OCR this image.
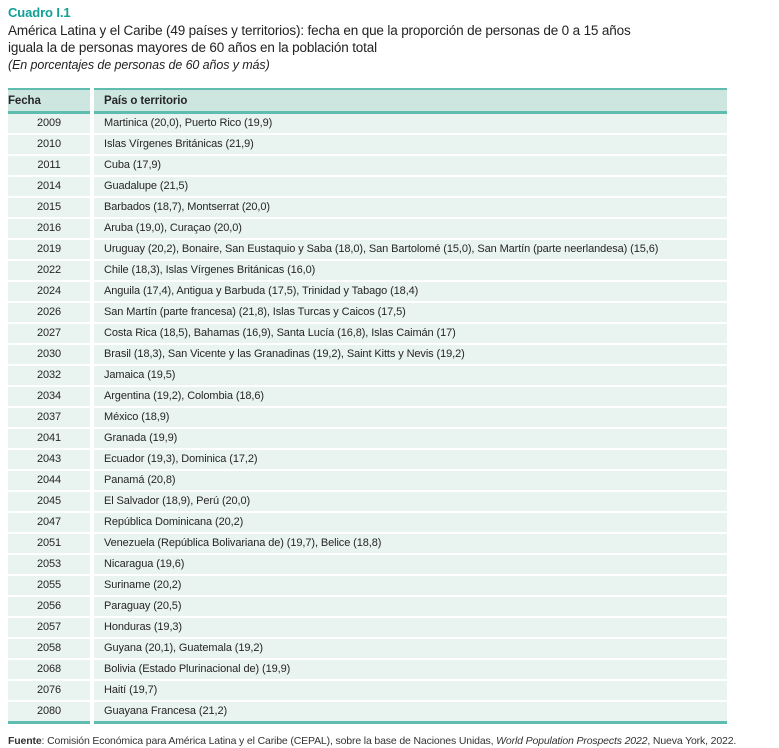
Cuadro I.1
América Latina y el Caribe (49 países y territorios): fecha en que la proporción de personas de 0 a 15 años
iguala la de personas mayores de 60 años en la población total
(En porcentajes de personas de 60 años y más)
Fecha	País o territorio
2009	Martinica (20,0), Puerto Rico (19,9)
2010	Islas Vírgenes Británicas (21,9)
2011	Cuba (17,9)
2014	Guadalupe (21,5)
2015	Barbados (18,7), Montserrat (20,0)
2016	Aruba (19,0), Curaçao (20,0)
2019	Uruguay (20,2), Bonaire, San Eustaquio y Saba (18,0), San Bartolomé (15,0), San Martín (parte neerlandesa) (15,6)
2022	Chile (18,3), Islas Vírgenes Británicas (16,0)
2024	Anguila (17,4), Antigua y Barbuda (17,5), Trinidad y Tabago (18,4)
2026	San Martín (parte francesa) (21,8), Islas Turcas y Caicos (17,5)
2027	Costa Rica (18,5), Bahamas (16,9), Santa Lucía (16,8), Islas Caimán (17)
2030	Brasil (18,3), San Vicente y las Granadinas (19,2), Saint Kitts y Nevis (19,2)
2032	Jamaica (19,5)
2034	Argentina (19,2), Colombia (18,6)
2037	México (18,9)
2041	Granada (19,9)
2043	Ecuador (19,3), Dominica (17,2)
2044	Panamá (20,8)
2045	El Salvador (18,9), Perú (20,0)
2047	República Dominicana (20,2)
2051	Venezuela (República Bolivariana de) (19,7), Belice (18,8)
2053	Nicaragua (19,6)
2055	Suriname (20,2)
2056	Paraguay (20,5)
2057	Honduras (19,3)
2058	Guyana (20,1), Guatemala (19,2)
2068	Bolivia (Estado Plurinacional de) (19,9)
2076	Haití (19,7)
2080	Guayana Francesa (21,2)
Fuente: Comisión Económica para América Latina y el Caribe (CEPAL), sobre la base de Naciones Unidas, World Population Prospects 2022, Nueva York, 2022.
